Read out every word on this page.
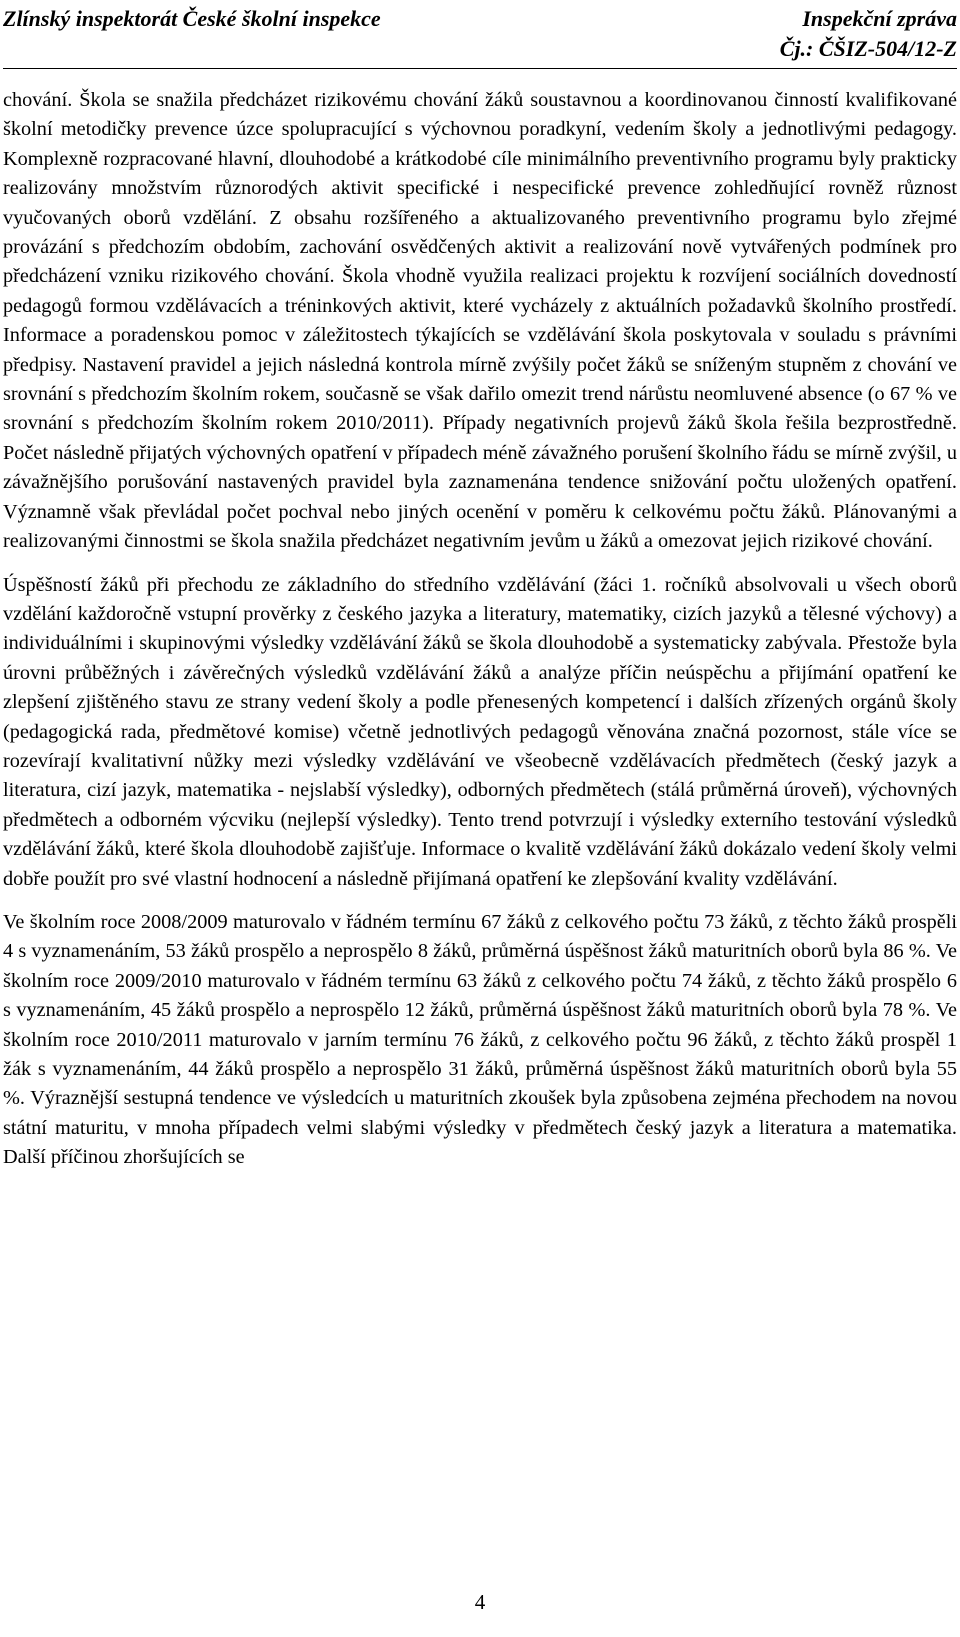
Zlínský inspektorát České školní inspekce	Inspekční zpráva
Čj.: ČŠIZ-504/12-Z

chování. Škola se snažila předcházet rizikovému chování žáků soustavnou a koordinovanou činností kvalifikované školní metodičky prevence úzce spolupracující s výchovnou poradkyní, vedením školy a jednotlivými pedagogy. Komplexně rozpracované hlavní, dlouhodobé a krátkodobé cíle minimálního preventivního programu byly prakticky realizovány množstvím různorodých aktivit specifické i nespecifické prevence zohledňující rovněž různost vyučovaných oborů vzdělání. Z obsahu rozšířeného a aktualizovaného preventivního programu bylo zřejmé provázání s předchozím obdobím, zachování osvědčených aktivit a realizování nově vytvářených podmínek pro předcházení vzniku rizikového chování. Škola vhodně využila realizaci projektu k rozvíjení sociálních dovedností pedagogů formou vzdělávacích a tréninkových aktivit, které vycházely z aktuálních požadavků školního prostředí. Informace a poradenskou pomoc v záležitostech týkajících se vzdělávání škola poskytovala v souladu s právními předpisy. Nastavení pravidel a jejich následná kontrola mírně zvýšily počet žáků se sníženým stupněm z chování ve srovnání s předchozím školním rokem, současně se však dařilo omezit trend nárůstu neomluvené absence (o 67 % ve srovnání s předchozím školním rokem 2010/2011). Případy negativních projevů žáků škola řešila bezprostředně. Počet následně přijatých výchovných opatření v případech méně závažného porušení školního řádu se mírně zvýšil, u závažnějšího porušování nastavených pravidel byla zaznamenána tendence snižování počtu uložených opatření. Významně však převládal počet pochval nebo jiných ocenění v poměru k celkovému počtu žáků. Plánovanými a realizovanými činnostmi se škola snažila předcházet negativním jevům u žáků a omezovat jejich rizikové chování.

Úspěšností žáků při přechodu ze základního do středního vzdělávání (žáci 1. ročníků absolvovali u všech oborů vzdělání každoročně vstupní prověrky z českého jazyka a literatury, matematiky, cizích jazyků a tělesné výchovy) a individuálními i skupinovými výsledky vzdělávání žáků se škola dlouhodobě a systematicky zabývala. Přestože byla úrovni průběžných i závěrečných výsledků vzdělávání žáků a analýze příčin neúspěchu a přijímání opatření ke zlepšení zjištěného stavu ze strany vedení školy a podle přenesených kompetencí i dalších zřízených orgánů školy (pedagogická rada, předmětové komise) včetně jednotlivých pedagogů věnována značná pozornost, stále více se rozevírají kvalitativní nůžky mezi výsledky vzdělávání ve všeobecně vzdělávacích předmětech (český jazyk a literatura, cizí jazyk, matematika - nejslabší výsledky), odborných předmětech (stálá průměrná úroveň), výchovných předmětech a odborném výcviku (nejlepší výsledky). Tento trend potvrzují i výsledky externího testování výsledků vzdělávání žáků, které škola dlouhodobě zajišťuje. Informace o kvalitě vzdělávání žáků dokázalo vedení školy velmi dobře použít pro své vlastní hodnocení a následně přijímaná opatření ke zlepšování kvality vzdělávání.

Ve školním roce 2008/2009 maturovalo v řádném termínu 67 žáků z celkového počtu 73 žáků, z těchto žáků prospěli 4 s vyznamenáním, 53 žáků prospělo a neprospělo 8 žáků, průměrná úspěšnost žáků maturitních oborů byla 86 %. Ve školním roce 2009/2010 maturovalo v řádném termínu 63 žáků z celkového počtu 74 žáků, z těchto žáků prospělo 6 s vyznamenáním, 45 žáků prospělo a neprospělo 12 žáků, průměrná úspěšnost žáků maturitních oborů byla 78 %. Ve školním roce 2010/2011 maturovalo v jarním termínu 76 žáků, z celkového počtu 96 žáků, z těchto žáků prospěl 1 žák s vyznamenáním, 44 žáků prospělo a neprospělo 31 žáků, průměrná úspěšnost žáků maturitních oborů byla 55 %. Výraznější sestupná tendence ve výsledcích u maturitních zkoušek byla způsobena zejména přechodem na novou státní maturitu, v mnoha případech velmi slabými výsledky v předmětech český jazyk a literatura a matematika. Další příčinou zhoršujících se

4
